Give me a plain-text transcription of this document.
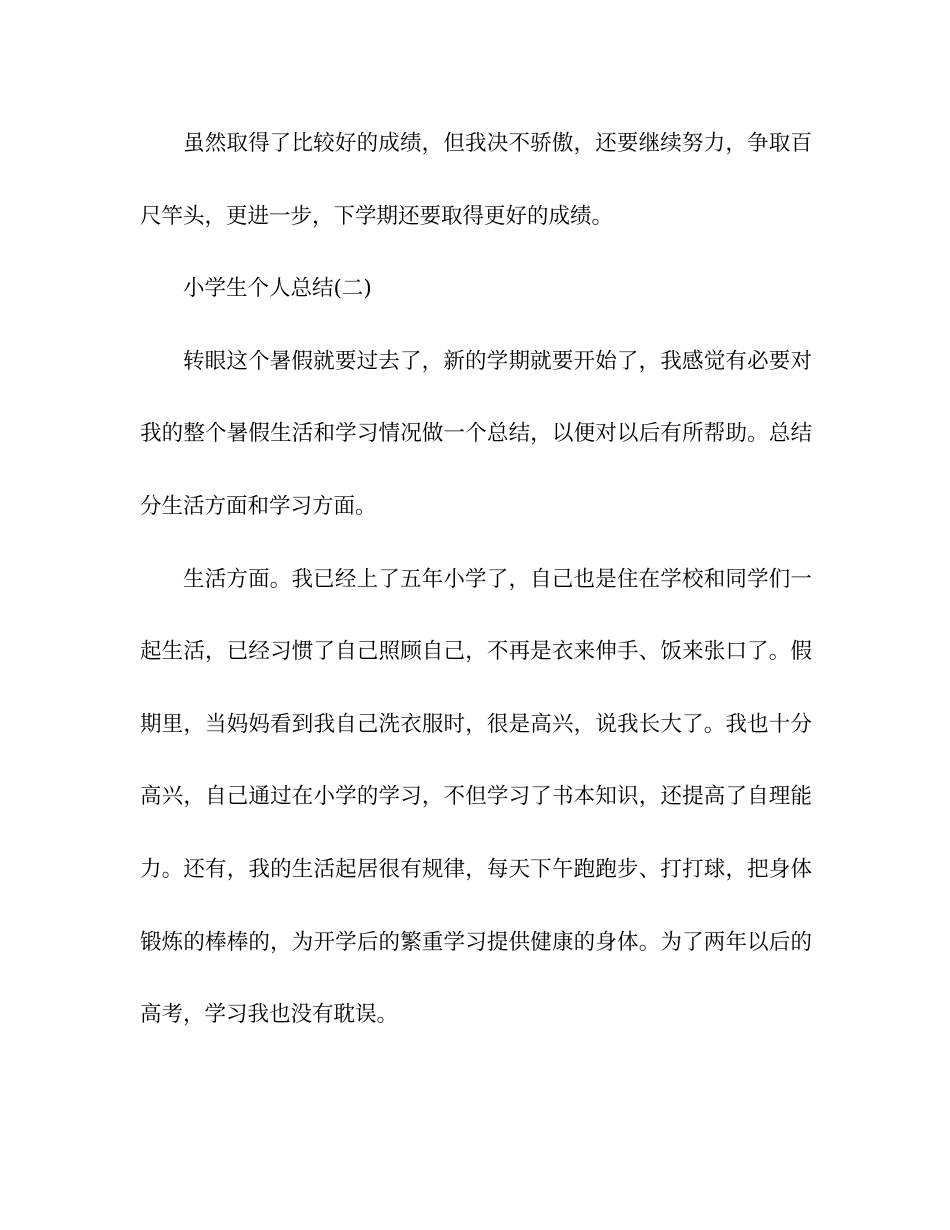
虽然取得了比较好的成绩，但我决不骄傲，还要继续努力，争取百
尺竿头，更进一步，下学期还要取得更好的成绩。
小学生个人总结(二)
转眼这个暑假就要过去了，新的学期就要开始了，我感觉有必要对
我的整个暑假生活和学习情况做一个总结，以便对以后有所帮助。总结
分生活方面和学习方面。
生活方面。我已经上了五年小学了，自己也是住在学校和同学们一
起生活，已经习惯了自己照顾自己，不再是衣来伸手、饭来张口了。假
期里，当妈妈看到我自己洗衣服时，很是高兴，说我长大了。我也十分
高兴，自己通过在小学的学习，不但学习了书本知识，还提高了自理能
力。还有，我的生活起居很有规律，每天下午跑跑步、打打球，把身体
锻炼的棒棒的，为开学后的繁重学习提供健康的身体。为了两年以后的
高考，学习我也没有耽误。
